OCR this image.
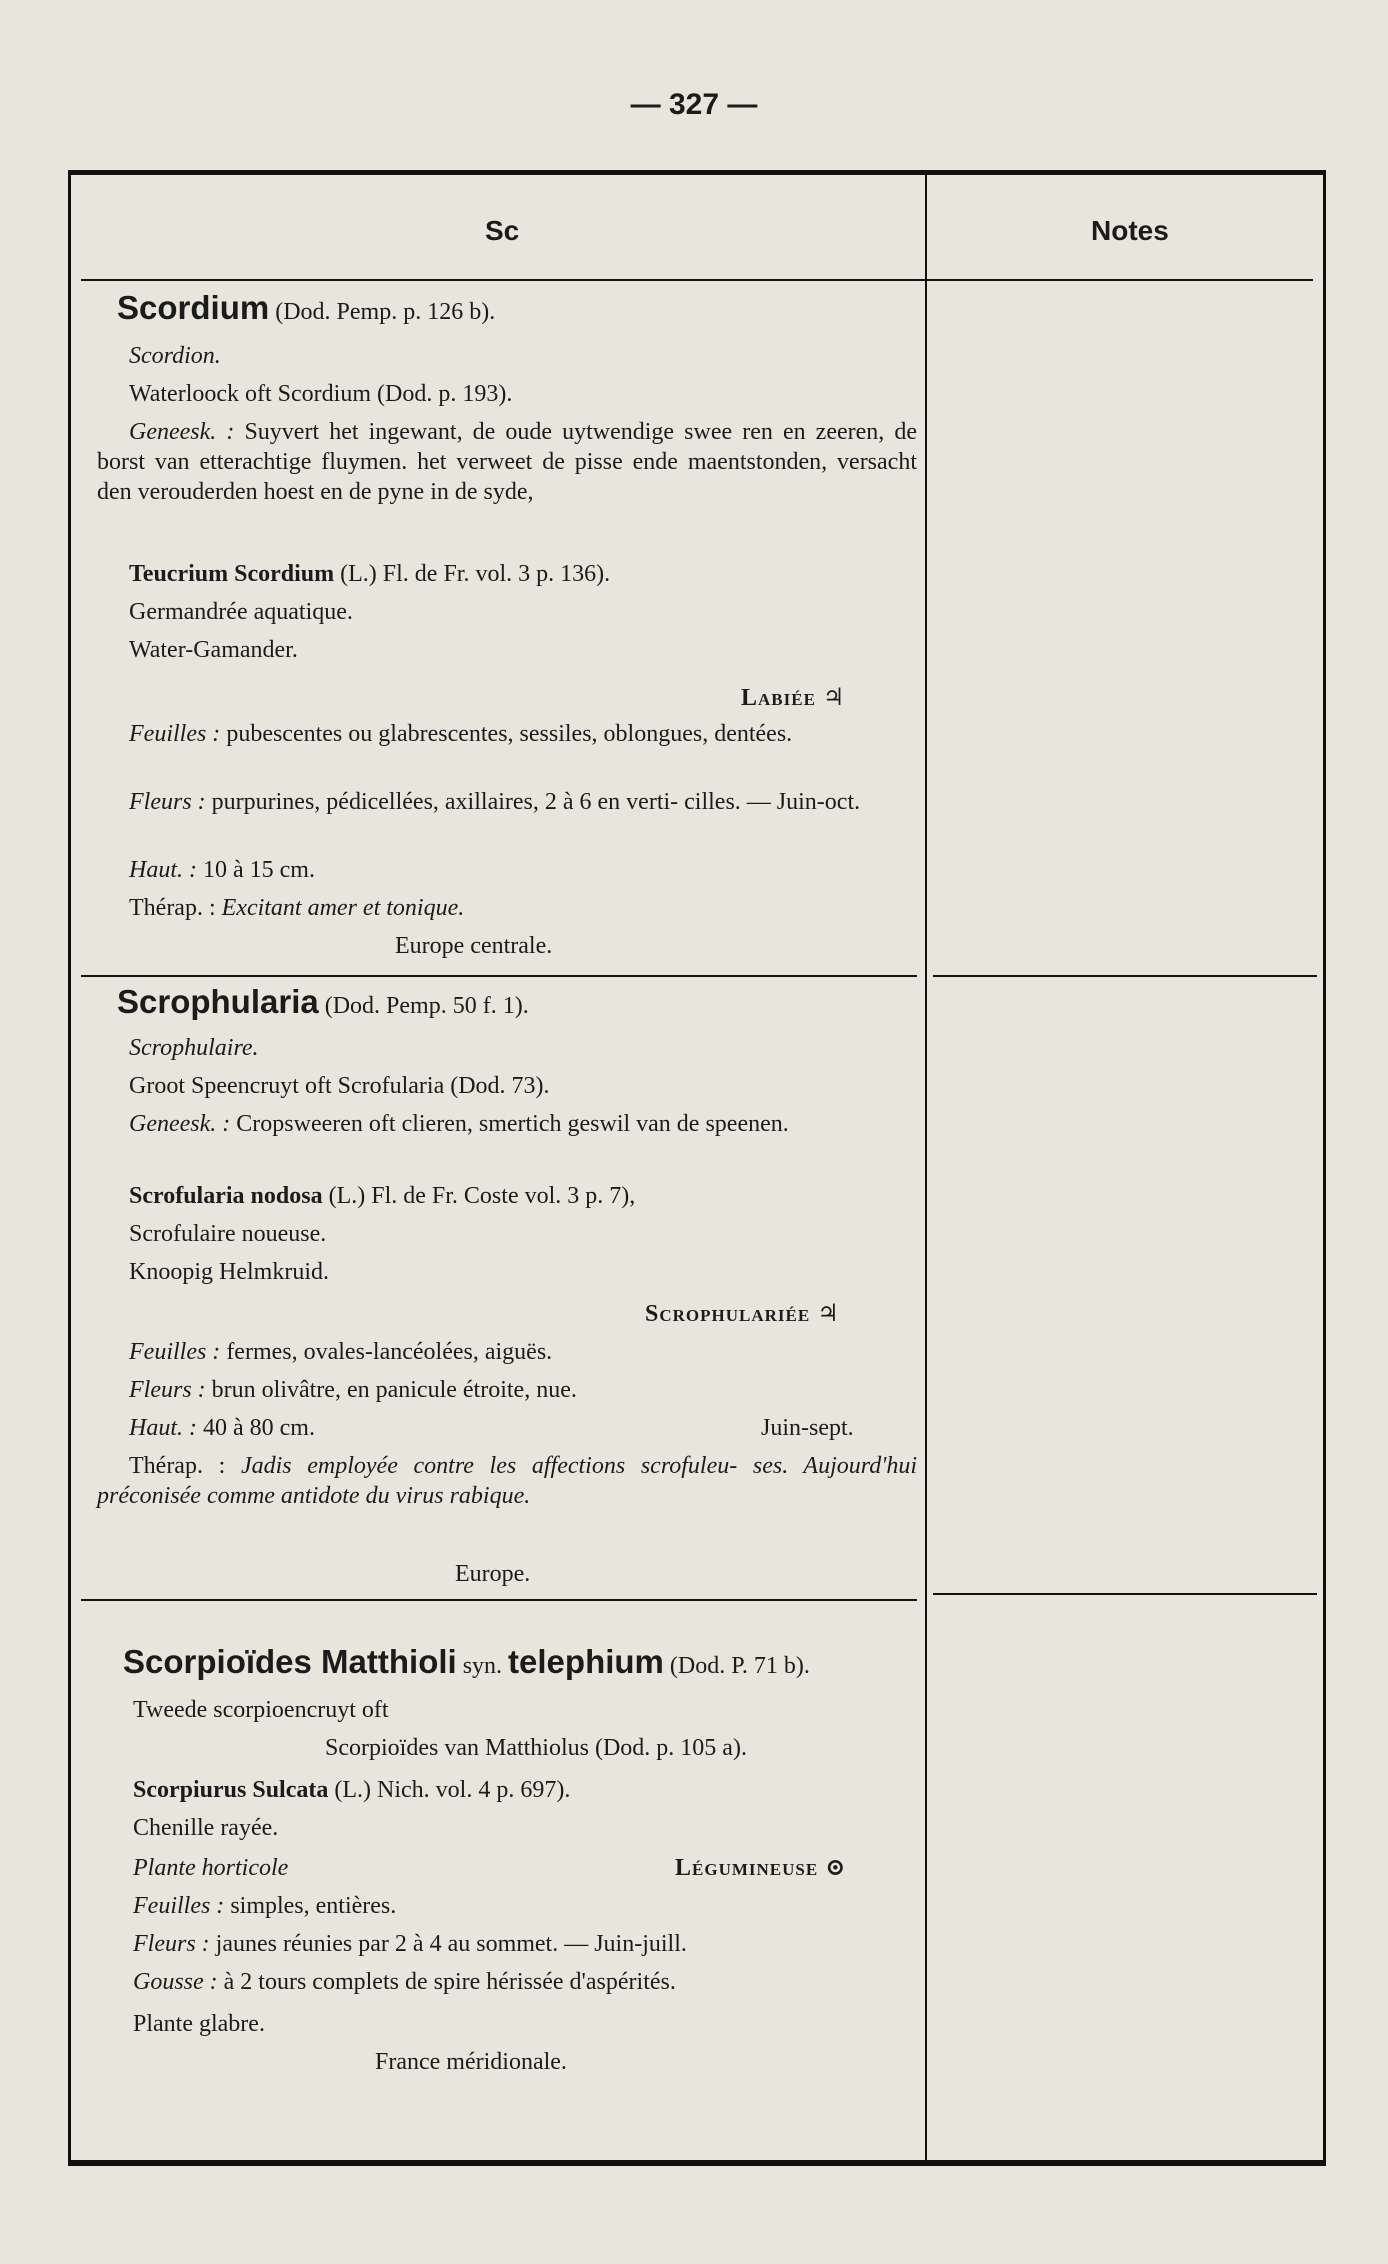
— 327 —
Sc	Notes
Scordium (Dod. Pemp. p. 126 b).
Scordion.
Waterloock oft Scordium (Dod. p. 193).
Geneesk. : Suyvert het ingewant, de oude uytwendige swee ren en zeeren, de borst van etterachtige fluymen. het verweet de pisse ende maentstonden, versacht den verouderden hoest en de pyne in de syde,
Teucrium Scordium (L.) Fl. de Fr. vol. 3 p. 136).
Germandrée aquatique.
Water-Gamander.
Labiée ♃
Feuilles : pubescentes ou glabrescentes, sessiles, oblongues, dentées.
Fleurs : purpurines, pédicellées, axillaires, 2 à 6 en verti- cilles. — Juin-oct.
Haut. : 10 à 15 cm.
Thérap. : Excitant amer et tonique.
Europe centrale.
Scrophularia (Dod. Pemp. 50 f. 1).
Scrophulaire.
Groot Speencruyt oft Scrofularia (Dod. 73).
Geneesk. : Cropsweeren oft clieren, smertich geswil van de speenen.
Scrofularia nodosa (L.) Fl. de Fr. Coste vol. 3 p. 7),
Scrofulaire noueuse.
Knoopig Helmkruid.
Scrophulariée ♃
Feuilles : fermes, ovales-lancéolées, aiguës.
Fleurs : brun olivâtre, en panicule étroite, nue.
Haut. : 40 à 80 cm.	Juin-sept.
Thérap. : Jadis employée contre les affections scrofuleu- ses. Aujourd'hui préconisée comme antidote du virus rabique.
Europe.
Scorpioïdes Matthioli syn. telephium (Dod. P. 71 b).
Tweede scorpioencruyt oft
Scorpioïdes van Matthiolus (Dod. p. 105 a).
Scorpiurus Sulcata (L.) Nich. vol. 4 p. 697).
Chenille rayée.
Plante horticole	Légumineuse ⊙
Feuilles : simples, entières.
Fleurs : jaunes réunies par 2 à 4 au sommet. — Juin-juill.
Gousse : à 2 tours complets de spire hérissée d'aspérités.
Plante glabre.
France méridionale.
